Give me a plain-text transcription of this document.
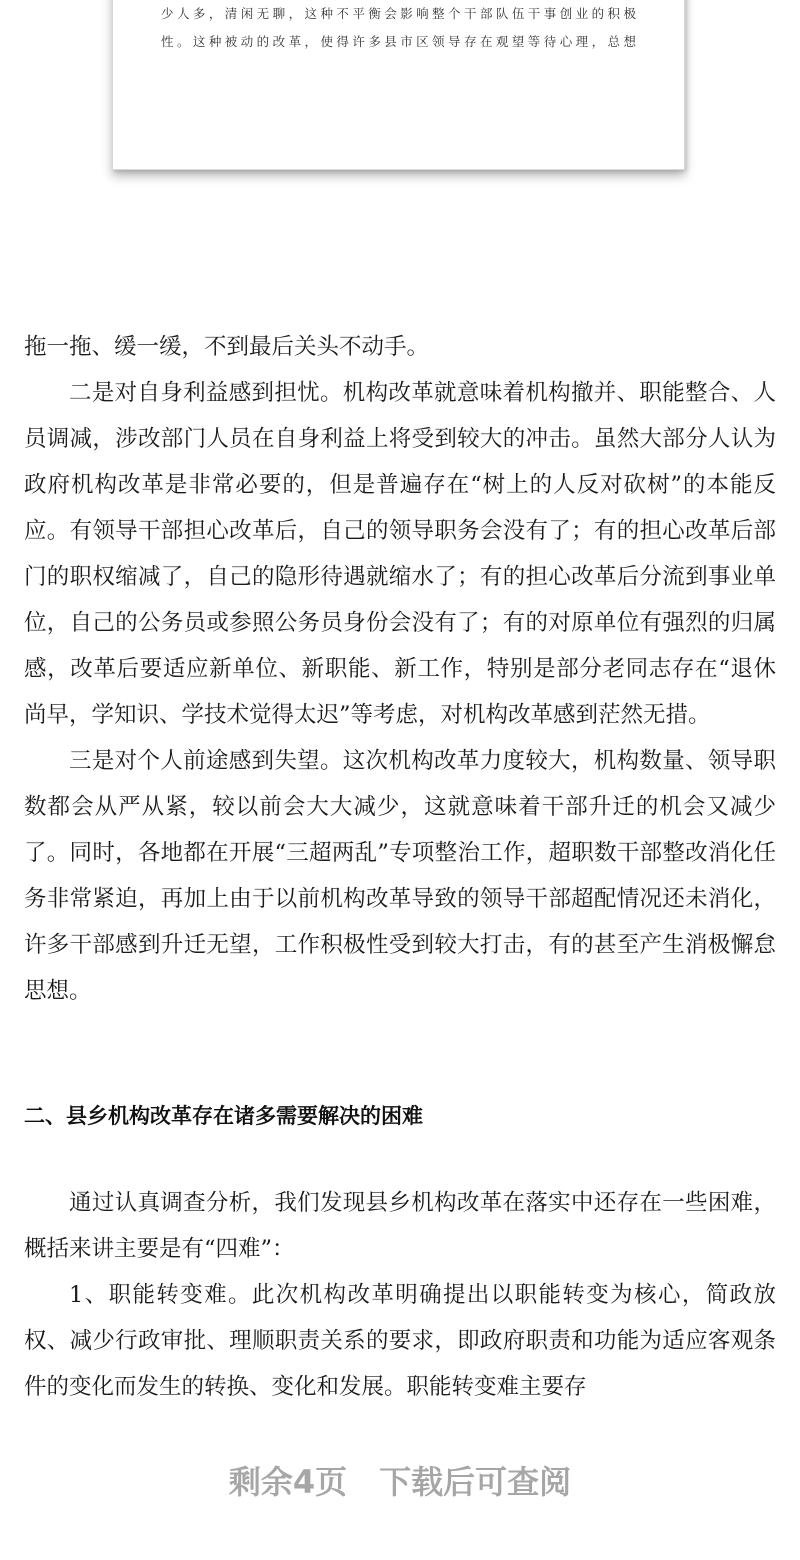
少人多，清闲无聊，这种不平衡会影响整个干部队伍干事创业的积极
性。这种被动的改革，使得许多县市区领导存在观望等待心理，总想

拖一拖、缓一缓，不到最后关头不动手。

二是对自身利益感到担忧。机构改革就意味着机构撤并、职能整合、人员调减，涉改部门人员在自身利益上将受到较大的冲击。虽然大部分人认为政府机构改革是非常必要的，但是普遍存在“树上的人反对砍树”的本能反应。有领导干部担心改革后，自己的领导职务会没有了；有的担心改革后部门的职权缩减了，自己的隐形待遇就缩水了；有的担心改革后分流到事业单位，自己的公务员或参照公务员身份会没有了；有的对原单位有强烈的归属感，改革后要适应新单位、新职能、新工作，特别是部分老同志存在“退休尚早，学知识、学技术觉得太迟”等考虑，对机构改革感到茫然无措。

三是对个人前途感到失望。这次机构改革力度较大，机构数量、领导职数都会从严从紧，较以前会大大减少，这就意味着干部升迁的机会又减少了。同时，各地都在开展“三超两乱”专项整治工作，超职数干部整改消化任务非常紧迫，再加上由于以前机构改革导致的领导干部超配情况还未消化，许多干部感到升迁无望，工作积极性受到较大打击，有的甚至产生消极懈怠思想。

二、县乡机构改革存在诸多需要解决的困难

通过认真调查分析，我们发现县乡机构改革在落实中还存在一些困难，概括来讲主要是有“四难”：

1、职能转变难。此次机构改革明确提出以职能转变为核心，简政放权、减少行政审批、理顺职责关系的要求，即政府职责和功能为适应客观条件的变化而发生的转换、变化和发展。职能转变难主要存

剩余4页　下载后可查阅
